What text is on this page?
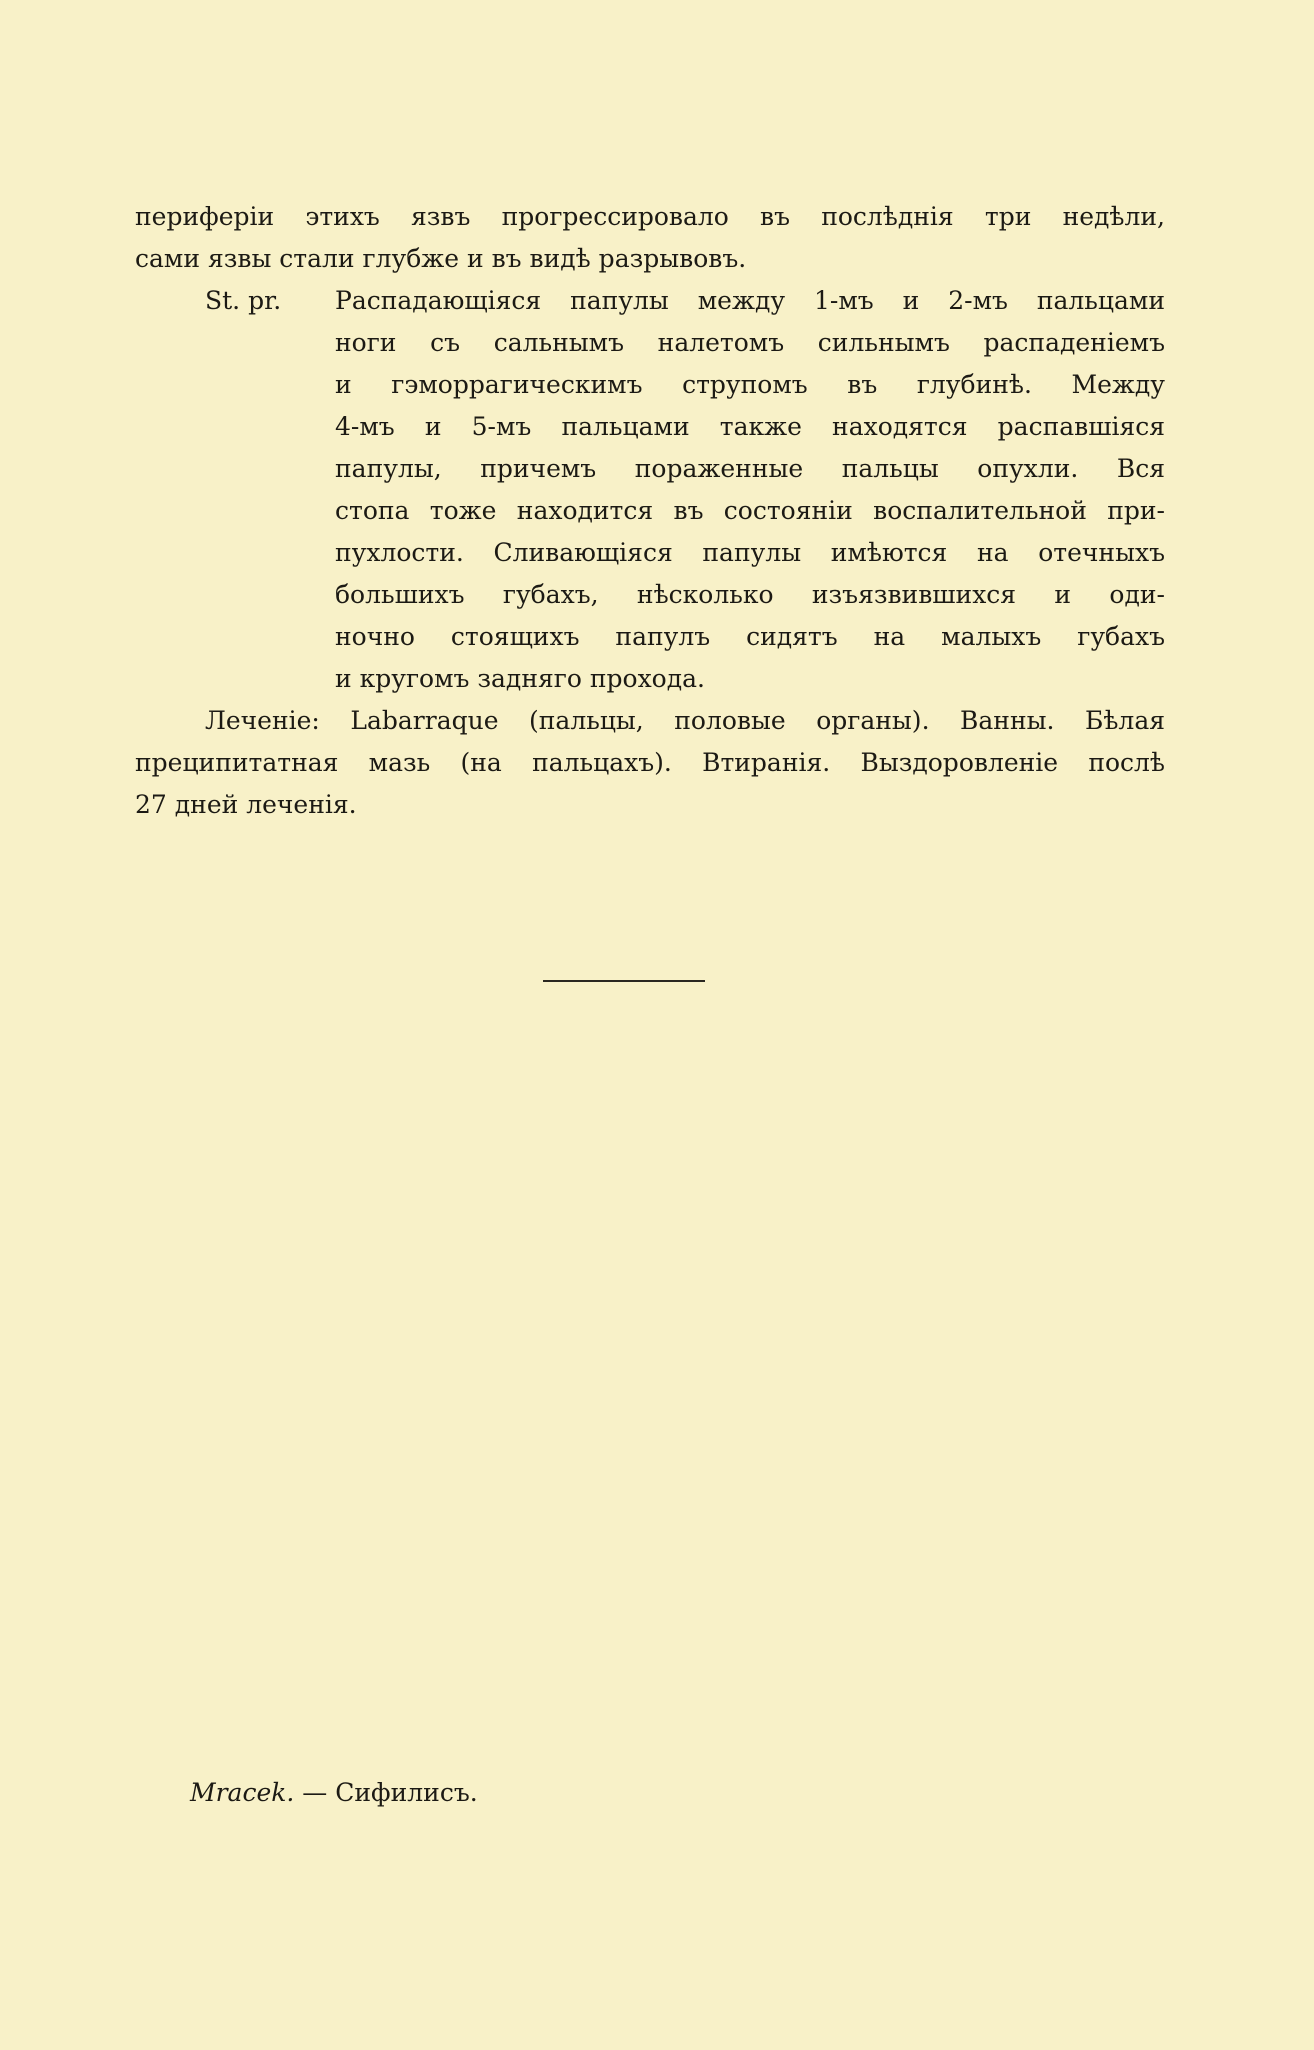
периферіи этихъ язвъ прогрессировало въ послѣднія три недѣли,
сами язвы стали глубже и въ видѣ разрывовъ.
St. pr.	Распадающіяся папулы между 1-мъ и 2-мъ пальцами
ноги съ сальнымъ налетомъ сильнымъ распаденіемъ
и гэморрагическимъ струпомъ въ глубинѣ. Между
4-мъ и 5-мъ пальцами также находятся распавшіяся
папулы, причемъ пораженные пальцы опухли. Вся
стопа тоже находится въ состояніи воспалительной при-
пухлости. Сливающіяся папулы имѣются на отечныхъ
большихъ губахъ, нѣсколько изъязвившихся и оди-
ночно стоящихъ папулъ сидятъ на малыхъ губахъ
и кругомъ задняго прохода.
Леченіе: Labarraque (пальцы, половые органы). Ванны. Бѣлая
преципитатная мазь (на пальцахъ). Втиранія. Выздоровленіе послѣ
27 дней леченія.
Mracek. — Сифилисъ.
